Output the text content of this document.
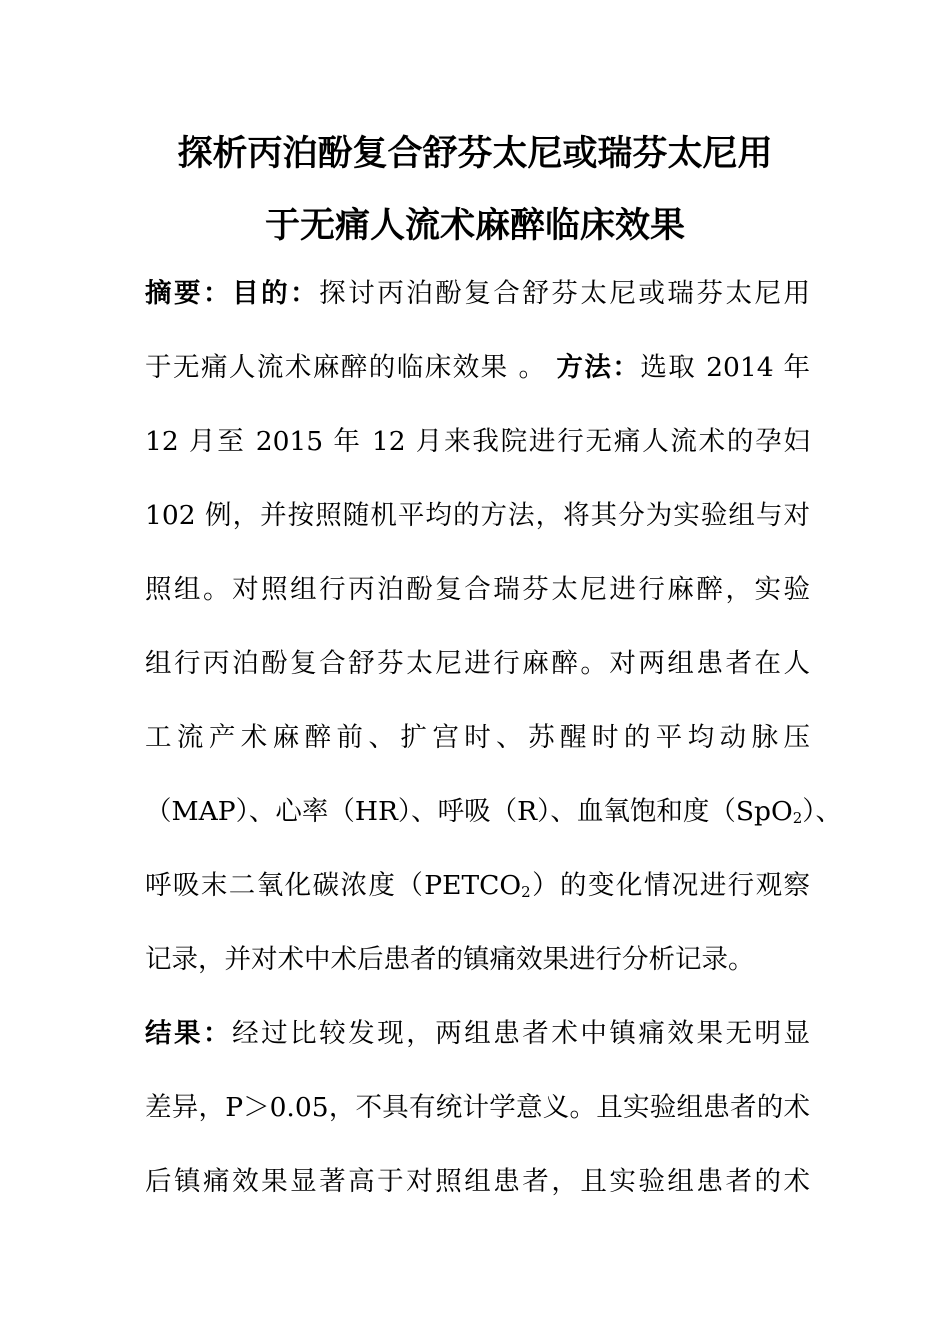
探析丙泊酚复合舒芬太尼或瑞芬太尼用
于无痛人流术麻醉临床效果
摘要：目的：探讨丙泊酚复合舒芬太尼或瑞芬太尼用
于无痛人流术麻醉的临床效果 。 方法：选取 2014 年
12 月至 2015 年 12 月来我院进行无痛人流术的孕妇
102 例，并按照随机平均的方法，将其分为实验组与对
照组。对照组行丙泊酚复合瑞芬太尼进行麻醉，实验
组行丙泊酚复合舒芬太尼进行麻醉。对两组患者在人
工流产术麻醉前、扩宫时、苏醒时的平均动脉压
（MAP）、心率（HR）、呼吸（R）、血氧饱和度（SpO$_2$）、
呼吸末二氧化碳浓度$(PETCO_2)$的变化情况进行观察
记录，并对术中术后患者的镇痛效果进行分析记录。
结果：经过比较发现，两组患者术中镇痛效果无明显
差异，P＞0.05，不具有统计学意义。且实验组患者的术
后镇痛效果显著高于对照组患者，且实验组患者的术
